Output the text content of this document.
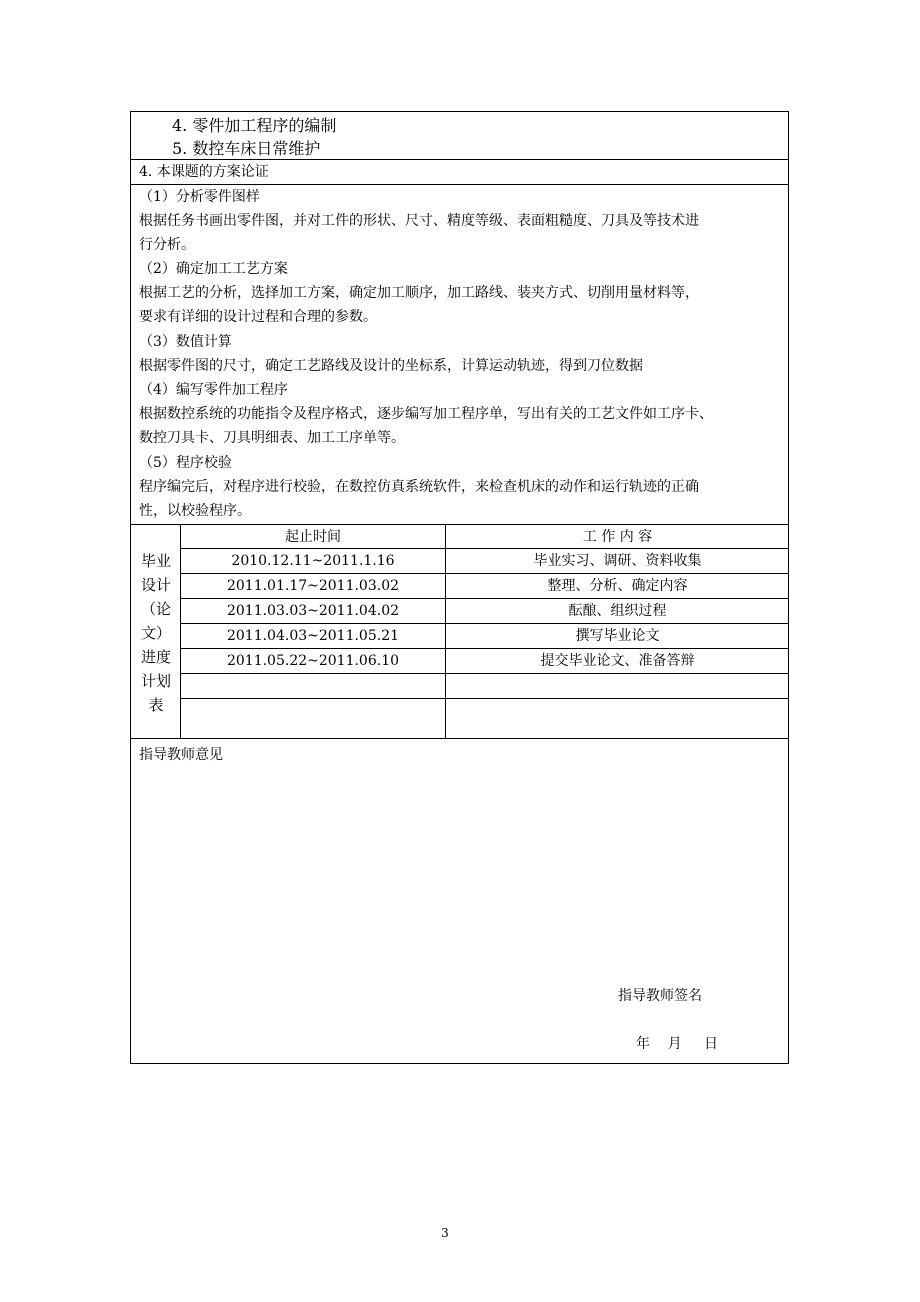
4. 零件加工程序的编制
5. 数控车床日常维护
4. 本课题的方案论证
（1）分析零件图样
根据任务书画出零件图，并对工件的形状、尺寸、精度等级、表面粗糙度、刀具及等技术进
行分析。
（2）确定加工工艺方案
根据工艺的分析，选择加工方案，确定加工顺序，加工路线、装夹方式、切削用量材料等，
要求有详细的设计过程和合理的参数。
（3）数值计算
根据零件图的尺寸，确定工艺路线及设计的坐标系，计算运动轨迹，得到刀位数据
（4）编写零件加工程序
根据数控系统的功能指令及程序格式，逐步编写加工程序单，写出有关的工艺文件如工序卡、
数控刀具卡、刀具明细表、加工工序单等。
（5）程序校验
程序编完后，对程序进行校验，在数控仿真系统软件，来检查机床的动作和运行轨迹的正确
性，以校验程序。
毕业
设计
（论
文）
进度
计划
表
起止时间	工 作 内 容
2010.12.11~2011.1.16	毕业实习、调研、资料收集
2011.01.17~2011.03.02	整理、分析、确定内容
2011.03.03~2011.04.02	酝酿、组织过程
2011.04.03~2011.05.21	撰写毕业论文
2011.05.22~2011.06.10	提交毕业论文、准备答辩
指导教师意见
指导教师签名
年    月     日
3
